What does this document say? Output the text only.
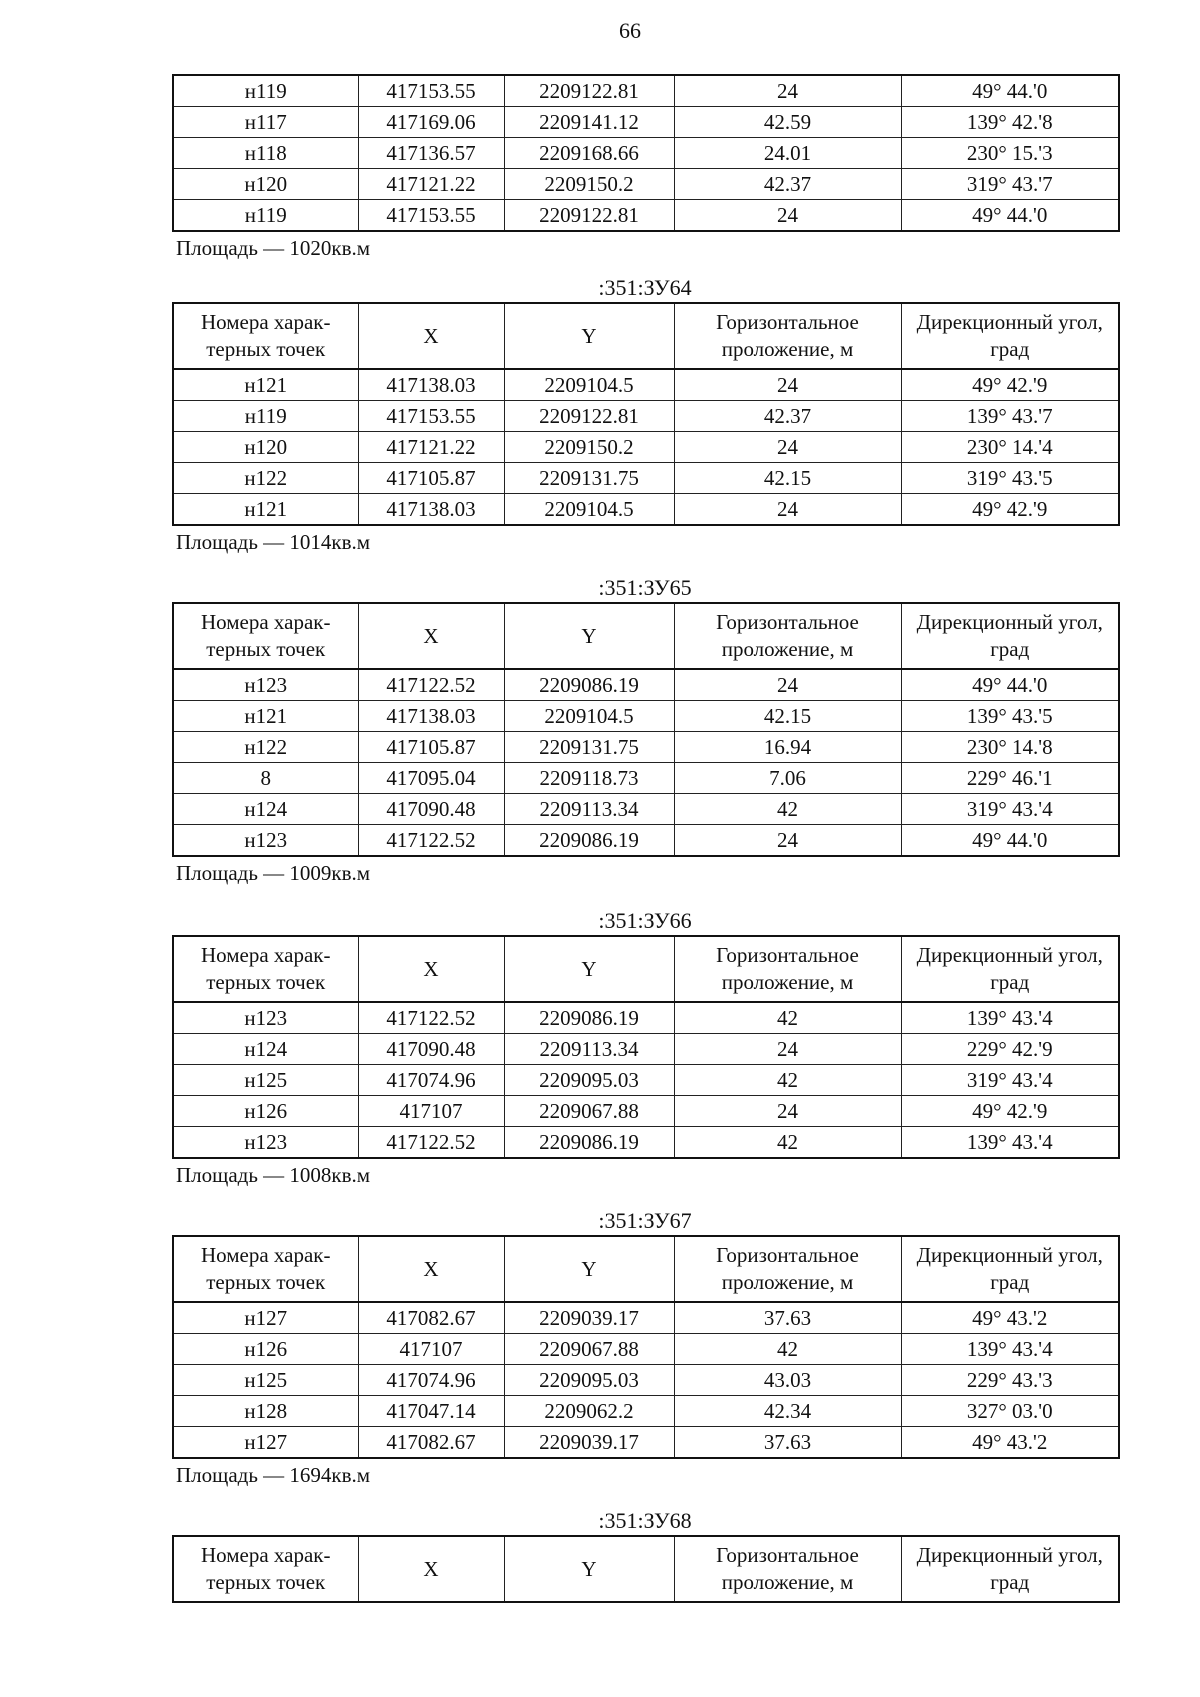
66
н119	417153.55	2209122.81	24	49° 44.'0
н117	417169.06	2209141.12	42.59	139° 42.'8
н118	417136.57	2209168.66	24.01	230° 15.'3
н120	417121.22	2209150.2	42.37	319° 43.'7
н119	417153.55	2209122.81	24	49° 44.'0
Площадь — 1020кв.м
:351:ЗУ64
Номера харак-терных точек	X	Y	Горизонтальное проложение, м	Дирекционный угол, град
н121	417138.03	2209104.5	24	49° 42.'9
н119	417153.55	2209122.81	42.37	139° 43.'7
н120	417121.22	2209150.2	24	230° 14.'4
н122	417105.87	2209131.75	42.15	319° 43.'5
н121	417138.03	2209104.5	24	49° 42.'9
Площадь — 1014кв.м
:351:ЗУ65
Номера харак-терных точек	X	Y	Горизонтальное проложение, м	Дирекционный угол, град
н123	417122.52	2209086.19	24	49° 44.'0
н121	417138.03	2209104.5	42.15	139° 43.'5
н122	417105.87	2209131.75	16.94	230° 14.'8
8	417095.04	2209118.73	7.06	229° 46.'1
н124	417090.48	2209113.34	42	319° 43.'4
н123	417122.52	2209086.19	24	49° 44.'0
Площадь — 1009кв.м
:351:ЗУ66
Номера харак-терных точек	X	Y	Горизонтальное проложение, м	Дирекционный угол, град
н123	417122.52	2209086.19	42	139° 43.'4
н124	417090.48	2209113.34	24	229° 42.'9
н125	417074.96	2209095.03	42	319° 43.'4
н126	417107	2209067.88	24	49° 42.'9
н123	417122.52	2209086.19	42	139° 43.'4
Площадь — 1008кв.м
:351:ЗУ67
Номера харак-терных точек	X	Y	Горизонтальное проложение, м	Дирекционный угол, град
н127	417082.67	2209039.17	37.63	49° 43.'2
н126	417107	2209067.88	42	139° 43.'4
н125	417074.96	2209095.03	43.03	229° 43.'3
н128	417047.14	2209062.2	42.34	327° 03.'0
н127	417082.67	2209039.17	37.63	49° 43.'2
Площадь — 1694кв.м
:351:ЗУ68
Номера харак-терных точек	X	Y	Горизонтальное проложение, м	Дирекционный угол, град
